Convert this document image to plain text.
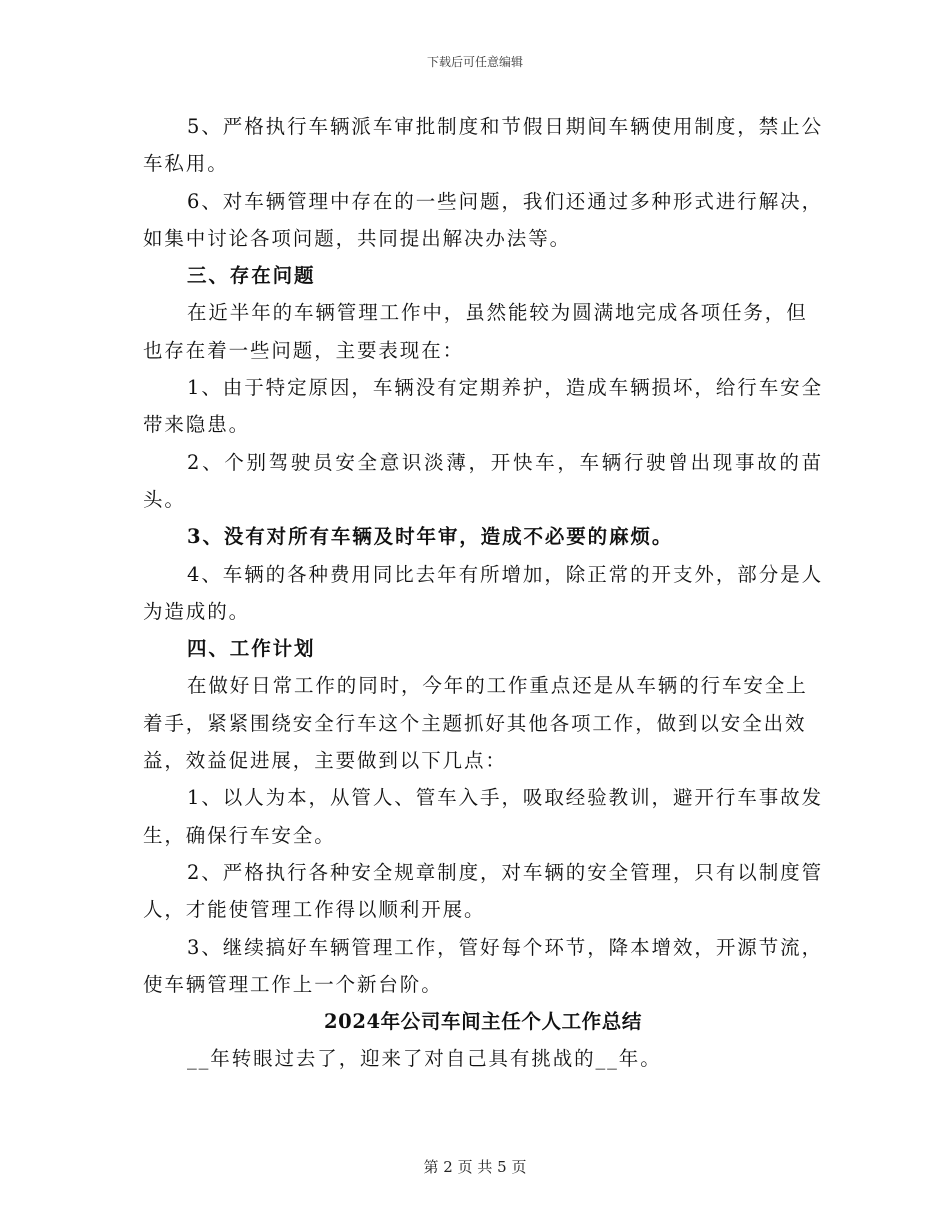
下载后可任意编辑

5、严格执行车辆派车审批制度和节假日期间车辆使用制度，禁止公车私用。

6、对车辆管理中存在的一些问题，我们还通过多种形式进行解决，如集中讨论各项问题，共同提出解决办法等。

三、存在问题

在近半年的车辆管理工作中，虽然能较为圆满地完成各项任务，但也存在着一些问题，主要表现在：

1、由于特定原因，车辆没有定期养护，造成车辆损坏，给行车安全带来隐患。

2、个别驾驶员安全意识淡薄，开快车，车辆行驶曾出现事故的苗头。

3、没有对所有车辆及时年审，造成不必要的麻烦。

4、车辆的各种费用同比去年有所增加，除正常的开支外，部分是人为造成的。

四、工作计划

在做好日常工作的同时，今年的工作重点还是从车辆的行车安全上着手，紧紧围绕安全行车这个主题抓好其他各项工作，做到以安全出效益，效益促进展，主要做到以下几点：

1、以人为本，从管人、管车入手，吸取经验教训，避开行车事故发生，确保行车安全。

2、严格执行各种安全规章制度，对车辆的安全管理，只有以制度管人，才能使管理工作得以顺利开展。

3、继续搞好车辆管理工作，管好每个环节，降本增效，开源节流，使车辆管理工作上一个新台阶。

2024年公司车间主任个人工作总结

__年转眼过去了，迎来了对自己具有挑战的__年。

第 2 页 共 5 页
